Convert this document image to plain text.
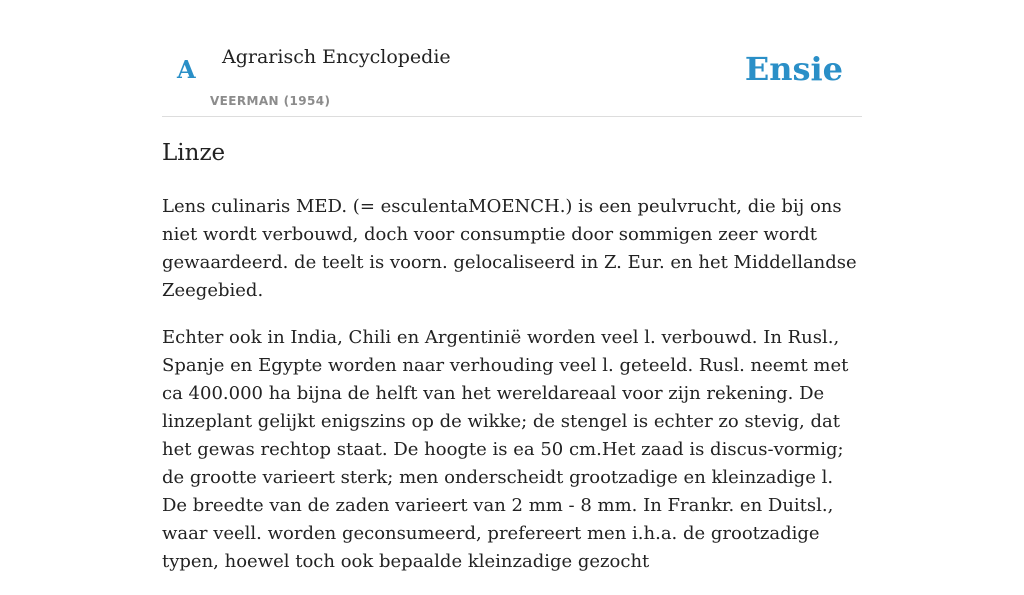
A Agrarisch Encyclopedie
VEERMAN (1954)
Ensie
Linze

Lens culinaris MED. (= esculentaMOENCH.) is een peulvrucht, die bij ons niet wordt verbouwd, doch voor consumptie door sommigen zeer wordt gewaardeerd. de teelt is voorn. gelocaliseerd in Z. Eur. en het Middellandse Zeegebied.

Echter ook in India, Chili en Argentinië worden veel l. verbouwd. In Rusl., Spanje en Egypte worden naar verhouding veel l. geteeld. Rusl. neemt met ca 400.000 ha bijna de helft van het wereldareaal voor zijn rekening. De linzeplant gelijkt enigszins op de wikke; de stengel is echter zo stevig, dat het gewas rechtop staat. De hoogte is ea 50 cm.Het zaad is discus-vormig; de grootte varieert sterk; men onderscheidt grootzadige en kleinzadige l. De breedte van de zaden varieert van 2 mm - 8 mm. In Frankr. en Duitsl., waar veell. worden geconsumeerd, prefereert men i.h.a. de grootzadige typen, hoewel toch ook bepaalde kleinzadige gezocht
